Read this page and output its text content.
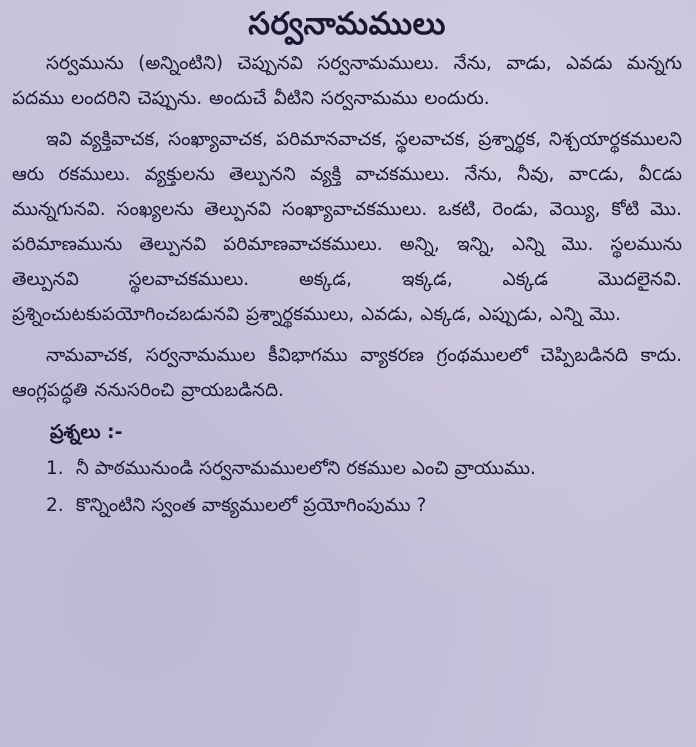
సర్వనామములు

సర్వమును (అన్నింటిని) చెప్పునవి సర్వనామములు. నేను, వాడు, ఎవడు మన్నగు పదము లందరిని చెప్పును. అందుచే వీటిని సర్వనామము లందురు.

ఇవి వ్యక్తివాచక, సంఖ్యావాచక, పరిమానవాచక, స్థలవాచక, ప్రశ్నార్థక, నిశ్చయార్థకములని ఆరు రకములు. వ్యక్తులను తెల్పునని వ్యక్తి వాచకములు. నేను, నీవు, వాcడు, వీcడు మున్నగునవి. సంఖ్యలను తెల్పునవి సంఖ్యావాచకములు. ఒకటి, రెండు, వెయ్యి, కోటి మొ. పరిమాణమును తెల్పునవి పరిమాణవాచకములు. అన్ని, ఇన్ని, ఎన్ని మొ. స్థలమును తెల్పునవి స్థలవాచకములు. అక్కడ, ఇక్కడ, ఎక్కడ మొదలైనవి. ప్రశ్నించుటకుపయోగించబడునవి ప్రశ్నార్థకములు, ఎవడు, ఎక్కడ, ఎప్పుడు, ఎన్ని మొ.

నామవాచక, సర్వనామముల కీవిభాగము వ్యాకరణ గ్రంథములలో చెప్పిబడినది కాదు. ఆంగ్లపద్ధతి ననుసరించి వ్రాయబడినది.

ప్రశ్నలు :-
1. నీ పాఠమునుండి సర్వనామములలోని రకముల ఎంచి వ్రాయుము.
2. కొన్నింటిని స్వంత వాక్యములలో ప్రయోగింపుము ?
